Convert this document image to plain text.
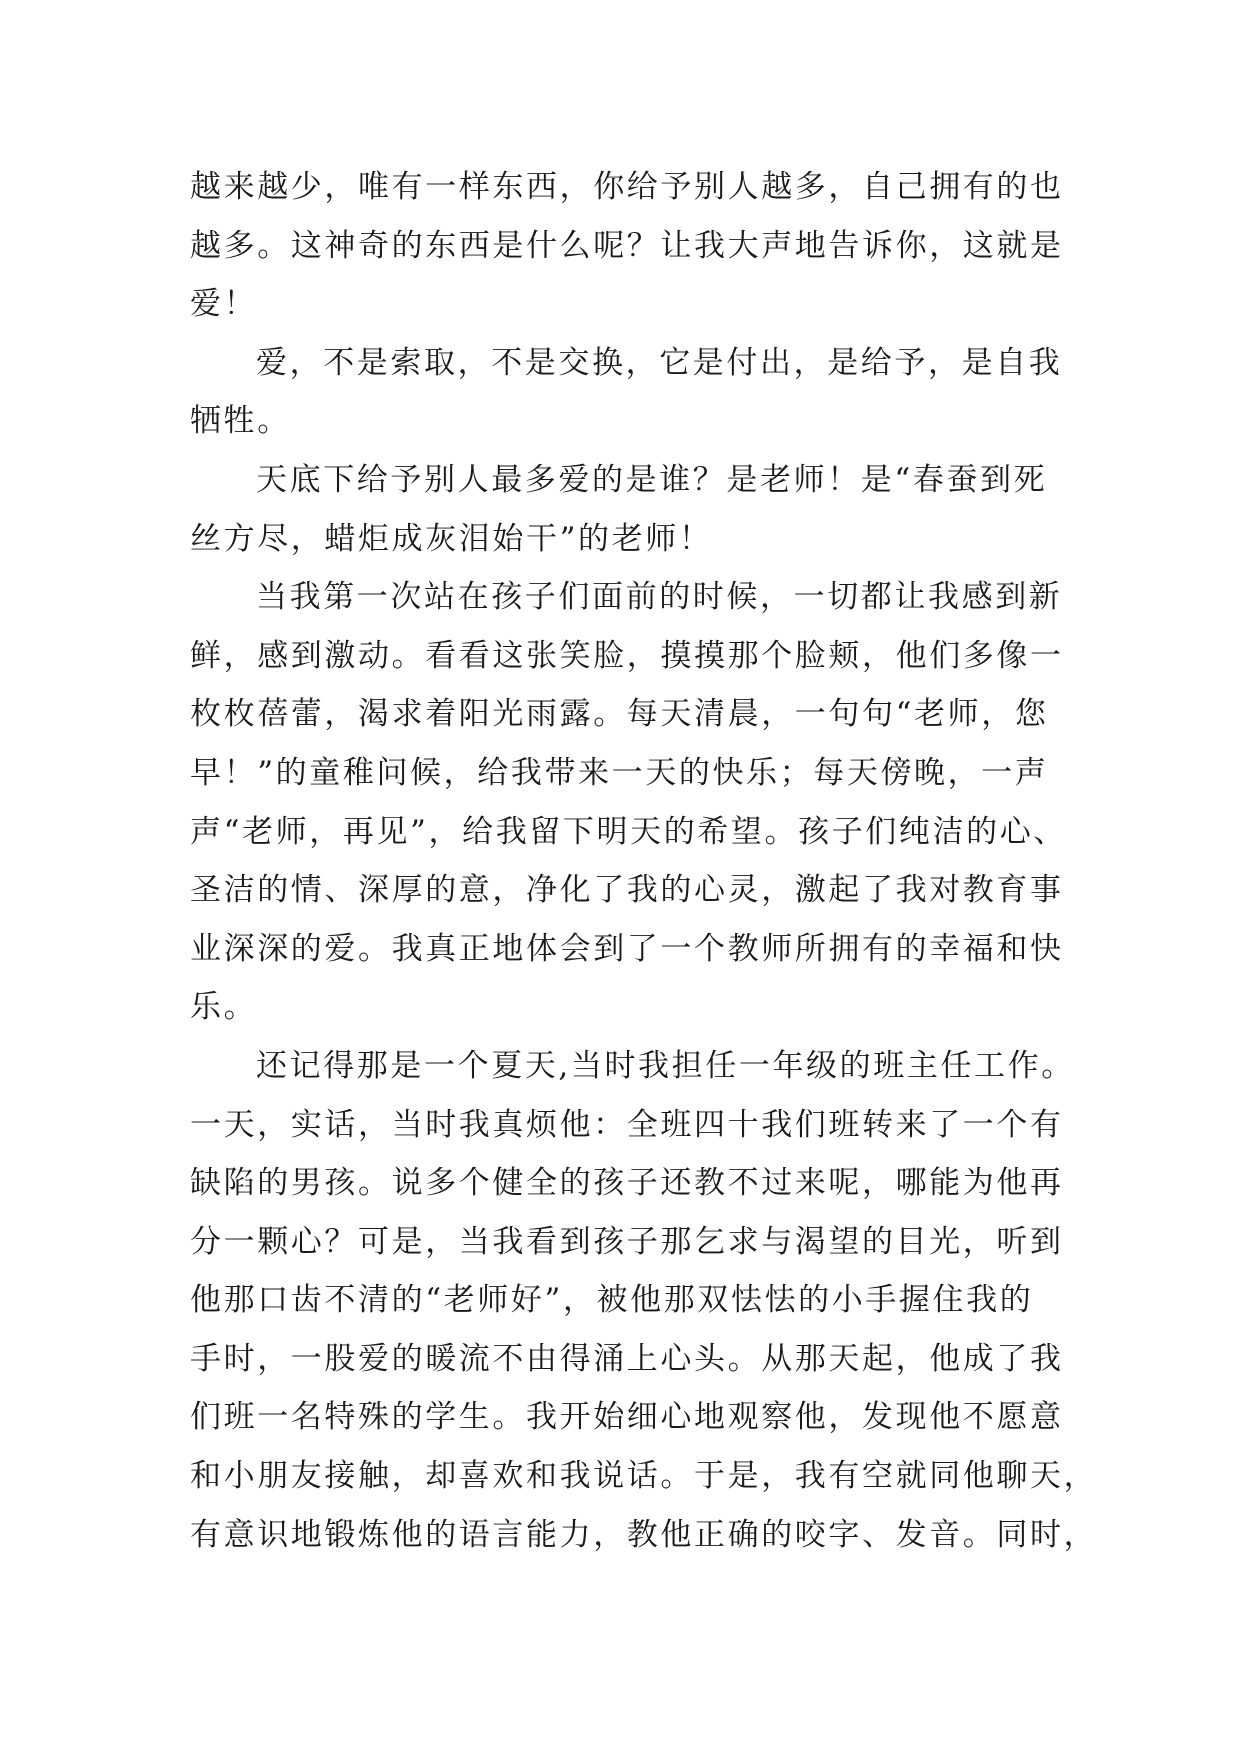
越来越少，唯有一样东西，你给予别人越多，自己拥有的也
越多。这神奇的东西是什么呢？让我大声地告诉你，这就是
爱！
爱，不是索取，不是交换，它是付出，是给予，是自我
牺牲。
天底下给予别人最多爱的是谁？是老师！是“春蚕到死
丝方尽，蜡炬成灰泪始干”的老师！
当我第一次站在孩子们面前的时候，一切都让我感到新
鲜，感到激动。看看这张笑脸，摸摸那个脸颊，他们多像一
枚枚蓓蕾，渴求着阳光雨露。每天清晨，一句句“老师，您
早！”的童稚问候，给我带来一天的快乐；每天傍晚，一声
声“老师，再见”，给我留下明天的希望。孩子们纯洁的心、
圣洁的情、深厚的意，净化了我的心灵，激起了我对教育事
业深深的爱。我真正地体会到了一个教师所拥有的幸福和快
乐。
还记得那是一个夏天,当时我担任一年级的班主任工作。
一天，实话，当时我真烦他：全班四十我们班转来了一个有
缺陷的男孩。说多个健全的孩子还教不过来呢，哪能为他再
分一颗心？可是，当我看到孩子那乞求与渴望的目光，听到
他那口齿不清的“老师好”，被他那双怯怯的小手握住我的
手时，一股爱的暖流不由得涌上心头。从那天起，他成了我
们班一名特殊的学生。我开始细心地观察他，发现他不愿意
和小朋友接触，却喜欢和我说话。于是，我有空就同他聊天，
有意识地锻炼他的语言能力，教他正确的咬字、发音。同时，
